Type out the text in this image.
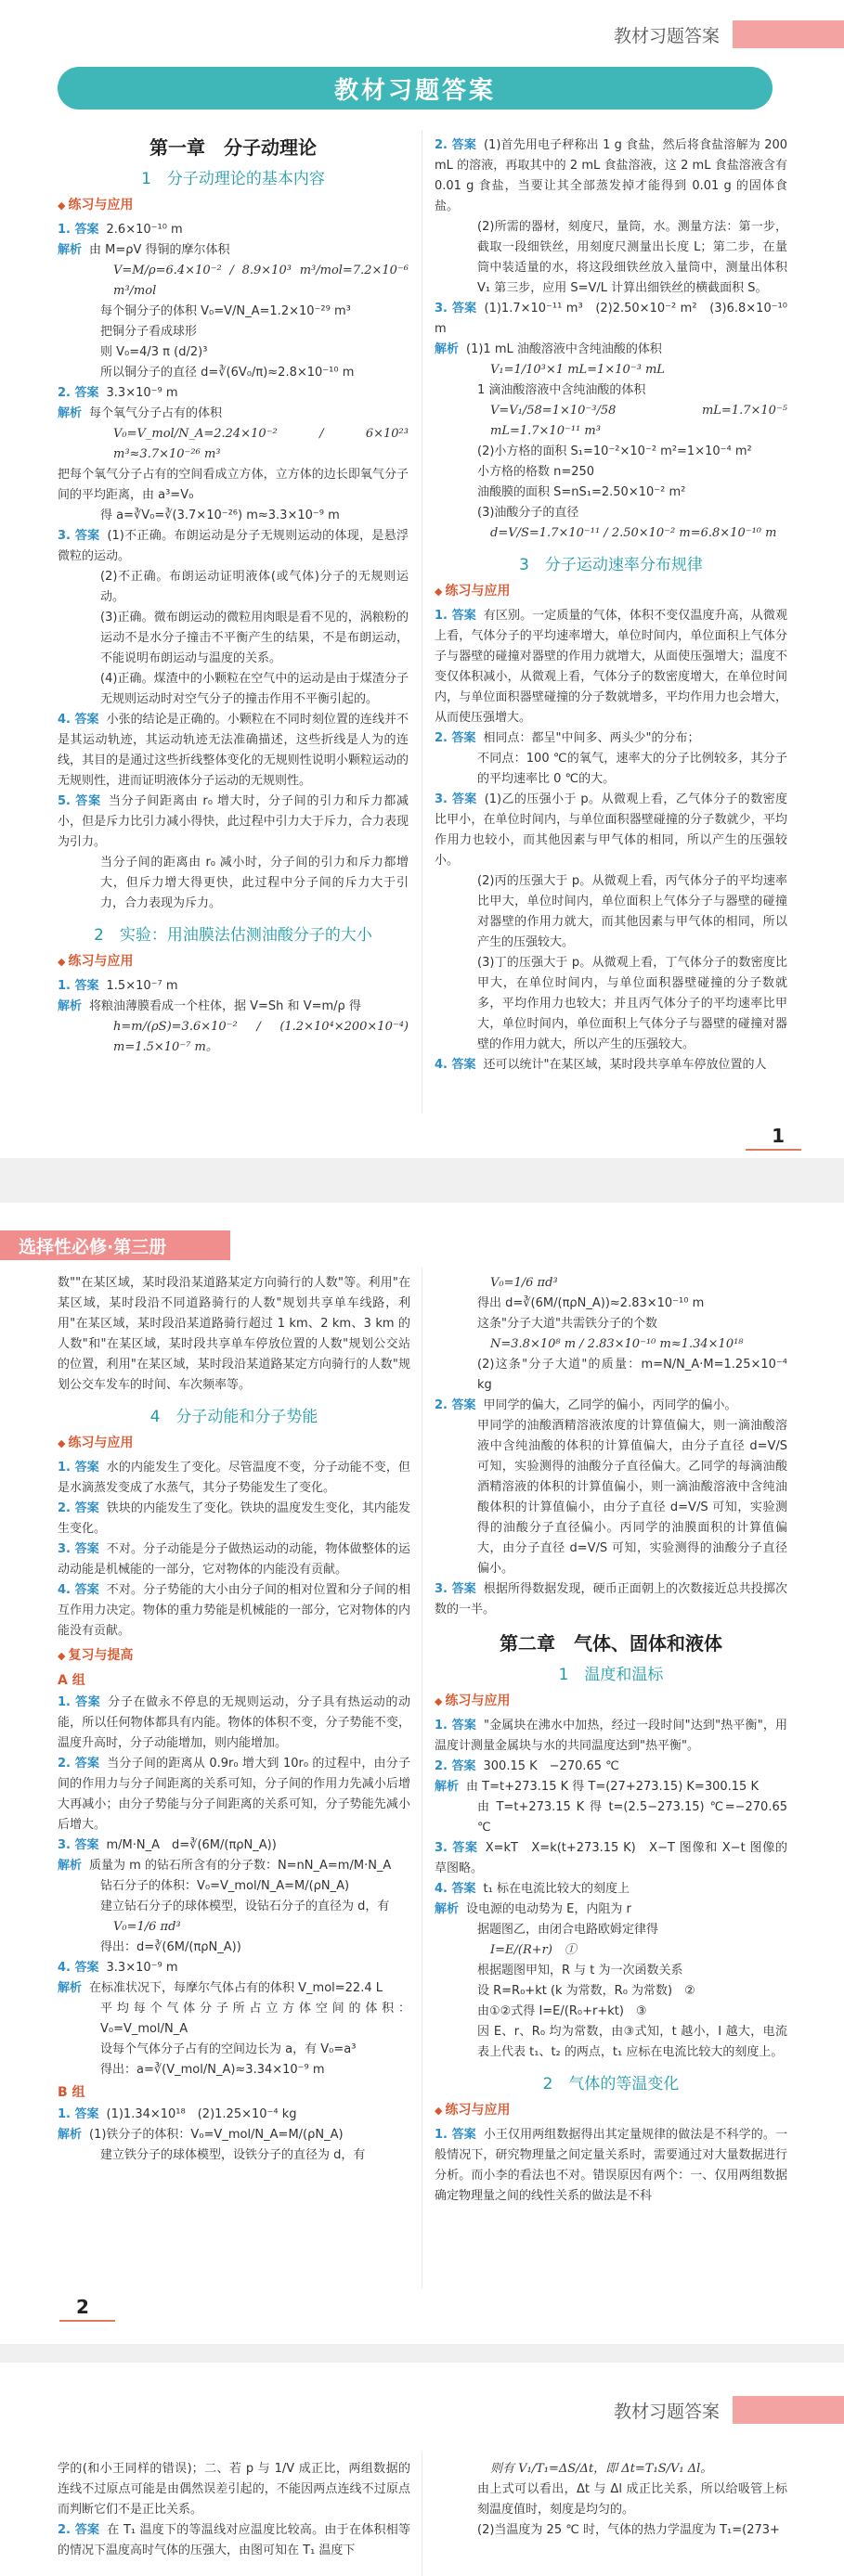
教材习题答案
教材习题答案
第一章　分子动理论
1　分子动理论的基本内容
◆ 练习与应用

1. 答案 2.6×10⁻¹⁰ m

解析 由 M=ρV 得铜的摩尔体积

V=M/ρ=6.4×10⁻² / 8.9×10³ m³/mol=7.2×10⁻⁶ m³/mol

每个铜分子的体积 V₀=V/N_A=1.2×10⁻²⁹ m³

把铜分子看成球形

则 V₀=4/3 π (d/2)³

所以铜分子的直径 d=∛(6V₀/π)≈2.8×10⁻¹⁰ m

2. 答案 3.3×10⁻⁹ m

解析 每个氧气分子占有的体积

V₀=V_mol/N_A=2.24×10⁻² / 6×10²³ m³≈3.7×10⁻²⁶ m³

把每个氧气分子占有的空间看成立方体，立方体的边长即氧气分子间的平均距离，由 a³=V₀

得 a=∛V₀=∛(3.7×10⁻²⁶) m≈3.3×10⁻⁹ m

3. 答案 (1)不正确。布朗运动是分子无规则运动的体现，是悬浮微粒的运动。

(2)不正确。布朗运动证明液体(或气体)分子的无规则运动。

(3)正确。微布朗运动的微粒用肉眼是看不见的，涡粮粉的运动不是水分子撞击不平衡产生的结果，不是布朗运动，不能说明布朗运动与温度的关系。

(4)正确。煤渣中的小颗粒在空气中的运动是由于煤渣分子无规则运动时对空气分子的撞击作用不平衡引起的。

4. 答案 小张的结论是正确的。小颗粒在不同时刻位置的连线并不是其运动轨迹，其运动轨迹无法准确描述，这些折线是人为的连线，其目的是通过这些折线整体变化的无规则性说明小颗粒运动的无规则性，进而证明液体分子运动的无规则性。

5. 答案 当分子间距离由 r₀ 增大时，分子间的引力和斥力都减小，但是斥力比引力减小得快，此过程中引力大于斥力，合力表现为引力。

当分子间的距离由 r₀ 减小时，分子间的引力和斥力都增大，但斥力增大得更快，此过程中分子间的斥力大于引力，合力表现为斥力。

2　实验：用油膜法估测油酸分子的大小
◆ 练习与应用

1. 答案 1.5×10⁻⁷ m

解析 将粮油薄膜看成一个柱体，据 V=Sh 和 V=m/ρ 得

h=m/(ρS)=3.6×10⁻² / (1.2×10⁴×200×10⁻⁴) m=1.5×10⁻⁷ m。

2. 答案 (1)首先用电子秤称出 1 g 食盐，然后将食盐溶解为 200 mL 的溶液，再取其中的 2 mL 食盐溶液，这 2 mL 食盐溶液含有 0.01 g 食盐，当要让其全部蒸发掉才能得到 0.01 g 的固体食盐。

(2)所需的器材，刻度尺，量筒，水。测量方法：第一步，截取一段细铁丝，用刻度尺测量出长度 L；第二步，在量筒中装适量的水，将这段细铁丝放入量筒中，测量出体积 V₁ 第三步，应用 S=V/L 计算出细铁丝的横截面积 S。

3. 答案 (1)1.7×10⁻¹¹ m³　(2)2.50×10⁻² m²　(3)6.8×10⁻¹⁰ m

解析 (1)1 mL 油酸溶液中含纯油酸的体积

V₁=1/10³×1 mL=1×10⁻³ mL

1 滴油酸溶液中含纯油酸的体积

V=V₁/58=1×10⁻³/58 mL=1.7×10⁻⁵ mL=1.7×10⁻¹¹ m³

(2)小方格的面积 S₁=10⁻²×10⁻² m²=1×10⁻⁴ m²

小方格的格数 n=250

油酸膜的面积 S=nS₁=2.50×10⁻² m²

(3)油酸分子的直径

d=V/S=1.7×10⁻¹¹ / 2.50×10⁻² m=6.8×10⁻¹⁰ m

3　分子运动速率分布规律
◆ 练习与应用

1. 答案 有区别。一定质量的气体，体积不变仅温度升高，从微观上看，气体分子的平均速率增大，单位时间内，单位面积上气体分子与器壁的碰撞对器壁的作用力就增大，从面使压强增大；温度不变仅体积减小，从微观上看，气体分子的数密度增大，在单位时间内，与单位面积器壁碰撞的分子数就增多，平均作用力也会增大，从而使压强增大。

2. 答案 相同点：都呈"中间多、两头少"的分布；

不同点：100 ℃的氧气，速率大的分子比例较多，其分子的平均速率比 0 ℃的大。

3. 答案 (1)乙的压强小于 p。从微观上看，乙气体分子的数密度比甲小，在单位时间内，与单位面积器壁碰撞的分子数就少，平均作用力也较小，而其他因素与甲气体的相同，所以产生的压强较小。

(2)丙的压强大于 p。从微观上看，丙气体分子的平均速率比甲大，单位时间内，单位面积上气体分子与器壁的碰撞对器壁的作用力就大，而其他因素与甲气体的相同，所以产生的压强较大。

(3)丁的压强大于 p。从微观上看，丁气体分子的数密度比甲大，在单位时间内，与单位面积器壁碰撞的分子数就多，平均作用力也较大；并且丙气体分子的平均速率比甲大，单位时间内，单位面积上气体分子与器壁的碰撞对器壁的作用力就大，所以产生的压强较大。

4. 答案 还可以统计"在某区域，某时段共享单车停放位置的人

1
选择性必修·第三册

数""在某区域，某时段沿某道路某定方向骑行的人数"等。利用"在某区域，某时段沿不同道路骑行的人数"规划共享单车线路，利用"在某区域，某时段沿某道路骑行超过 1 km、2 km、3 km 的人数"和"在某区域，某时段共享单车停放位置的人数"规划公交站的位置，利用"在某区域，某时段沿某道路某定方向骑行的人数"规划公交车发车的时间、车次频率等。

4　分子动能和分子势能
◆ 练习与应用

1. 答案 水的内能发生了变化。尽管温度不变，分子动能不变，但是水滴蒸发变成了水蒸气，其分子势能发生了变化。

2. 答案 铁块的内能发生了变化。铁块的温度发生变化，其内能发生变化。

3. 答案 不对。分子动能是分子做热运动的动能，物体做整体的运动动能是机械能的一部分，它对物体的内能没有贡献。

4. 答案 不对。分子势能的大小由分子间的相对位置和分子间的相互作用力决定。物体的重力势能是机械能的一部分，它对物体的内能没有贡献。

◆ 复习与提高
A 组

1. 答案 分子在做永不停息的无规则运动，分子具有热运动的动能，所以任何物体都具有内能。物体的体积不变，分子势能不变，温度升高时，分子动能增加，则内能增加。

2. 答案 当分子间的距离从 0.9r₀ 增大到 10r₀ 的过程中，由分子间的作用力与分子间距离的关系可知，分子间的作用力先减小后增大再减小；由分子势能与分子间距离的关系可知，分子势能先减小后增大。

3. 答案 m/M·N_A　d=∛(6M/(πρN_A))

解析 质量为 m 的钻石所含有的分子数：N=nN_A=m/M·N_A

钻石分子的体积：V₀=V_mol/N_A=M/(ρN_A)

建立钻石分子的球体模型，设钻石分子的直径为 d，有

V₀=1/6 πd³

得出：d=∛(6M/(πρN_A))

4. 答案 3.3×10⁻⁹ m

解析 在标准状况下，每摩尔气体占有的体积 V_mol=22.4 L

平均每个气体分子所占立方体空间的体积：V₀=V_mol/N_A

设每个气体分子占有的空间边长为 a，有 V₀=a³

得出：a=∛(V_mol/N_A)≈3.34×10⁻⁹ m

B 组

1. 答案 (1)1.34×10¹⁸　(2)1.25×10⁻⁴ kg

解析 (1)铁分子的体积：V₀=V_mol/N_A=M/(ρN_A)

建立铁分子的球体模型，设铁分子的直径为 d，有

V₀=1/6 πd³

得出 d=∛(6M/(πρN_A))≈2.83×10⁻¹⁰ m

这条"分子大道"共需铁分子的个数

N=3.8×10⁸ m / 2.83×10⁻¹⁰ m≈1.34×10¹⁸

(2)这条"分子大道"的质量：m=N/N_A·M=1.25×10⁻⁴ kg

2. 答案 甲同学的偏大，乙同学的偏小，丙同学的偏小。

甲同学的油酸酒精溶液浓度的计算值偏大，则一滴油酸溶液中含纯油酸的体积的计算值偏大，由分子直径 d=V/S 可知，实验测得的油酸分子直径偏大。乙同学的每滴油酸酒精溶液的体积的计算值偏小，则一滴油酸溶液中含纯油酸体积的计算值偏小，由分子直径 d=V/S 可知，实验测得的油酸分子直径偏小。丙同学的油膜面积的计算值偏大，由分子直径 d=V/S 可知，实验测得的油酸分子直径偏小。

3. 答案 根据所得数据发现，硬币正面朝上的次数接近总共投掷次数的一半。

第二章　气体、固体和液体
1　温度和温标
◆ 练习与应用

1. 答案 "金属块在沸水中加热，经过一段时间"达到"热平衡"，用温度计测量金属块与水的共同温度达到"热平衡"。

2. 答案 300.15 K　−270.65 ℃

解析 由 T=t+273.15 K 得 T=(27+273.15) K=300.15 K

由 T=t+273.15 K 得 t=(2.5−273.15) ℃=−270.65 ℃

3. 答案 X=kT　X=k(t+273.15 K)　X−T 图像和 X−t 图像的草图略。

4. 答案 t₁ 标在电流比较大的刻度上

解析 设电源的电动势为 E，内阻为 r

据题图乙，由闭合电路欧姆定律得

I=E/(R+r)　①

根据题图甲知，R 与 t 为一次函数关系

设 R=R₀+kt (k 为常数，R₀ 为常数)　②

由①②式得 I=E/(R₀+r+kt)　③

因 E、r、R₀ 均为常数，由③式知，t 越小，I 越大，电流表上代表 t₁、t₂ 的两点，t₁ 应标在电流比较大的刻度上。

2　气体的等温变化
◆ 练习与应用

1. 答案 小王仅用两组数据得出其定量规律的做法是不科学的。一般情况下，研究物理量之间定量关系时，需要通过对大量数据进行分析。而小李的看法也不对。错误原因有两个：一、仅用两组数据确定物理量之间的线性关系的做法是不科

2
教材习题答案

学的(和小王同样的错误)；二、若 p 与 1/V 成正比，两组数据的连线不过原点可能是由偶然误差引起的，不能因两点连线不过原点而判断它们不是正比关系。

2. 答案 在 T₁ 温度下的等温线对应温度比较高。由于在体积相等的情况下温度高时气体的压强大，由图可知在 T₁ 温度下

则有 V₁/T₁=ΔS/Δt，即 Δt=T₁S/V₁ Δl。

由上式可以看出，Δt 与 Δl 成正比关系，所以给吸管上标刻温度值时，刻度是均匀的。

(2)当温度为 25 ℃ 时，气体的热力学温度为 T₁=(273+
